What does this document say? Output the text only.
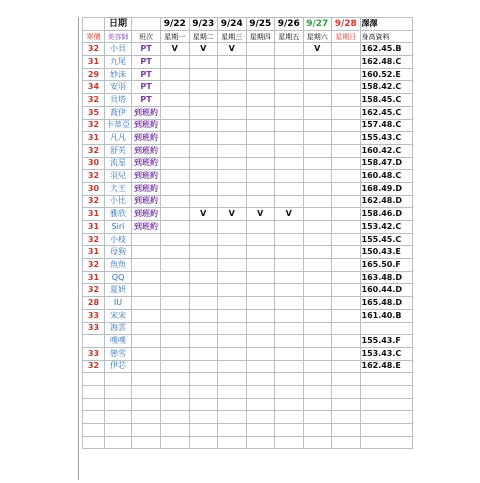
	日期		9/22	9/23	9/24	9/25	9/26	9/27	9/28	澤澤
單價	美容師	班次	星期一	星期二	星期三	星期四	星期五	星期六	星期日	身高資料
32	小貝	PT	V	V	V			V		162.45.B
31	九尾	PT								162.48.C
29	妙沫	PT								160.52.E
34	安羽	PT								158.42.C
32	貝塔	PT								158.45.C
35	喬伊	到班約								162.45.C
32	卡蒂亞	到班約								157.48.C
31	凡凡	到班約								155.43.C
32	舒芙	到班約								160.42.C
30	流星	到班約								158.47.D
32	羽兒	到班約								160.48.C
30	大王	到班約								168.49.D
32	小比	到班約								162.48.D
31	雅欣	到班約		V	V	V	V			158.46.D
31	Siri	到班約								153.42.C
32	小枝									155.45.C
31	母狗									150.43.E
32	魚魚									165.50.F
31	QQ									163.48.D
32	夏妍									160.44.D
28	IU									165.48.D
33	宋宋									161.40.B
33	海雲									
	噗噗									155.43.F
33	戀雪									153.43.C
32	伊芯									162.48.E
